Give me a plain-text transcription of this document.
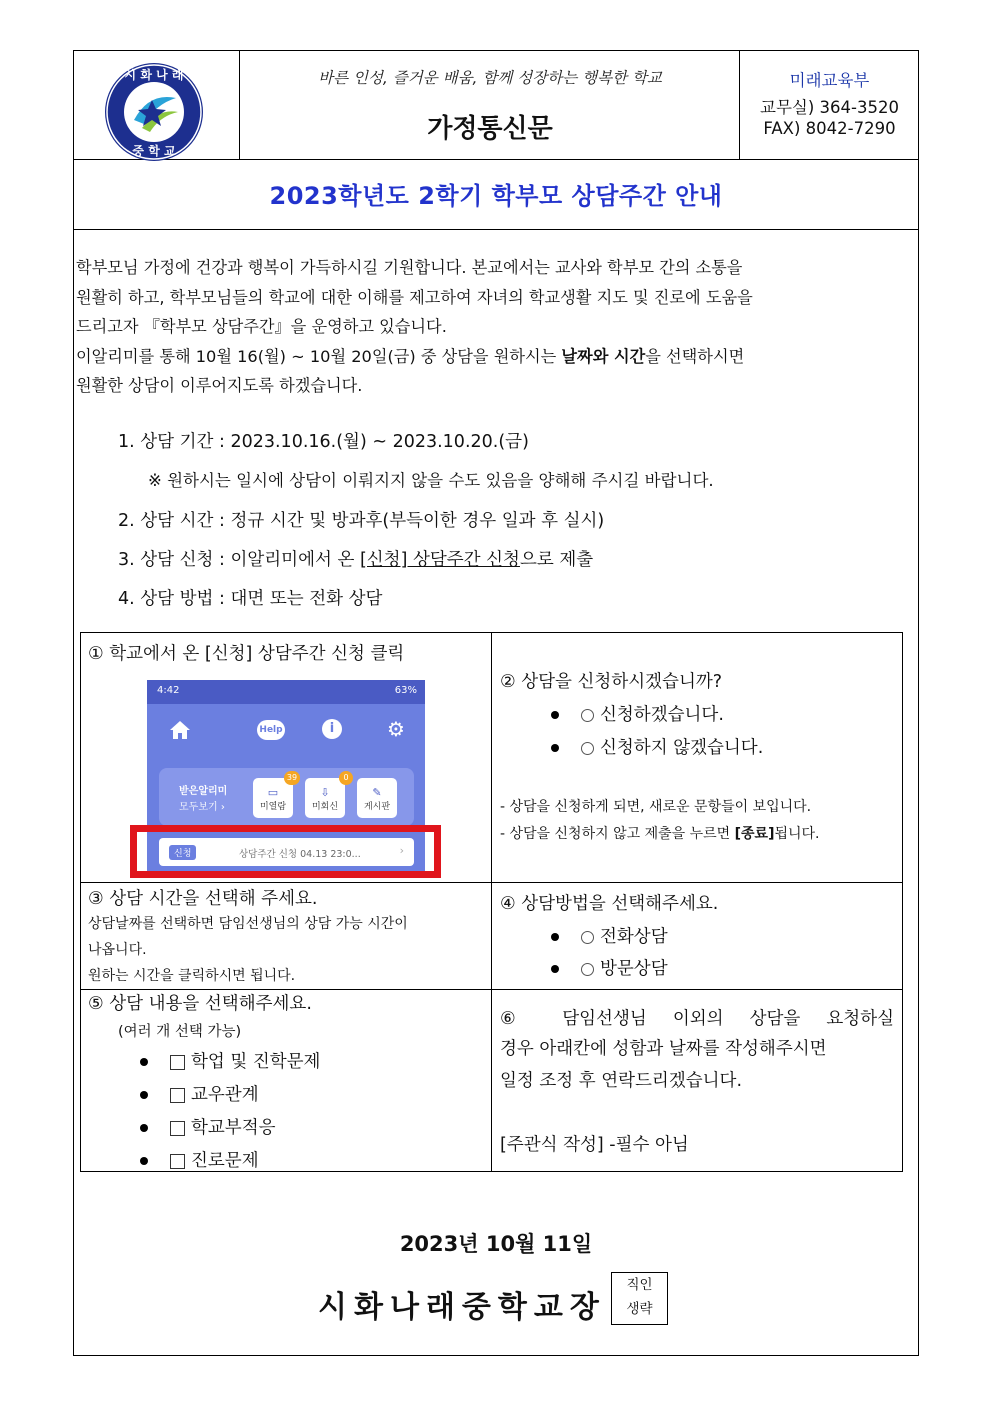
시 화 나 래
중 학 교
바른 인성, 즐거운 배움, 함께 성장하는 행복한 학교
가정통신문
미래교육부
교무실) 364-3520
FAX) 8042-7290
2023학년도 2학기 학부모 상담주간 안내
학부모님 가정에 건강과 행복이 가득하시길 기원합니다. 본교에서는 교사와 학부모 간의 소통을
원활히 하고, 학부모님들의 학교에 대한 이해를 제고하여 자녀의 학교생활 지도 및 진로에 도움을
드리고자 『학부모 상담주간』을 운영하고 있습니다.
이알리미를 통해 10월 16(월) ~ 10월 20일(금) 중 상담을 원하시는 날짜와 시간을 선택하시면
원활한 상담이 이루어지도록 하겠습니다.
1. 상담 기간 : 2023.10.16.(월) ~ 2023.10.20.(금)
※ 원하시는 일시에 상담이 이뤄지지 않을 수도 있음을 양해해 주시길 바랍니다.
2. 상담 시간 : 정규 시간 및 방과후(부득이한 경우 일과 후 실시)
3. 상담 신청 : 이알리미에서 온 [신청] 상담주간 신청으로 제출
4. 상담 방법 : 대면 또는 전화 상담
① 학교에서 온 [신청] 상담주간 신청 클릭
4:42	63%
Help	i	⚙
받은알리미
모두보기 ›
▭
미열람
39
⇩
미회신
0
✎
게시판
신청	상담주간 신청 04.13 23:0...	›
② 상담을 신청하시겠습니까?
신청하겠습니다.
신청하지 않겠습니다.
- 상담을 신청하게 되면, 새로운 문항들이 보입니다.
- 상담을 신청하지 않고 제출을 누르면 [종료]됩니다.
③ 상담 시간을 선택해 주세요.
상담날짜를 선택하면 담임선생님의 상담 가능 시간이
나옵니다.
원하는 시간을 클릭하시면 됩니다.
④ 상담방법을 선택해주세요.
전화상담
방문상담
⑤ 상담 내용을 선택해주세요.
(여러 개 선택 가능)
학업 및 진학문제
교우관계
학교부적응
진로문제
⑥ 담임선생님 이외의 상담을 요청하실
경우 아래칸에 성함과 날짜를 작성해주시면
일정 조정 후 연락드리겠습니다.
[주관식 작성] -필수 아님
2023년 10월 11일
시화나래중학교장
직인
생략
